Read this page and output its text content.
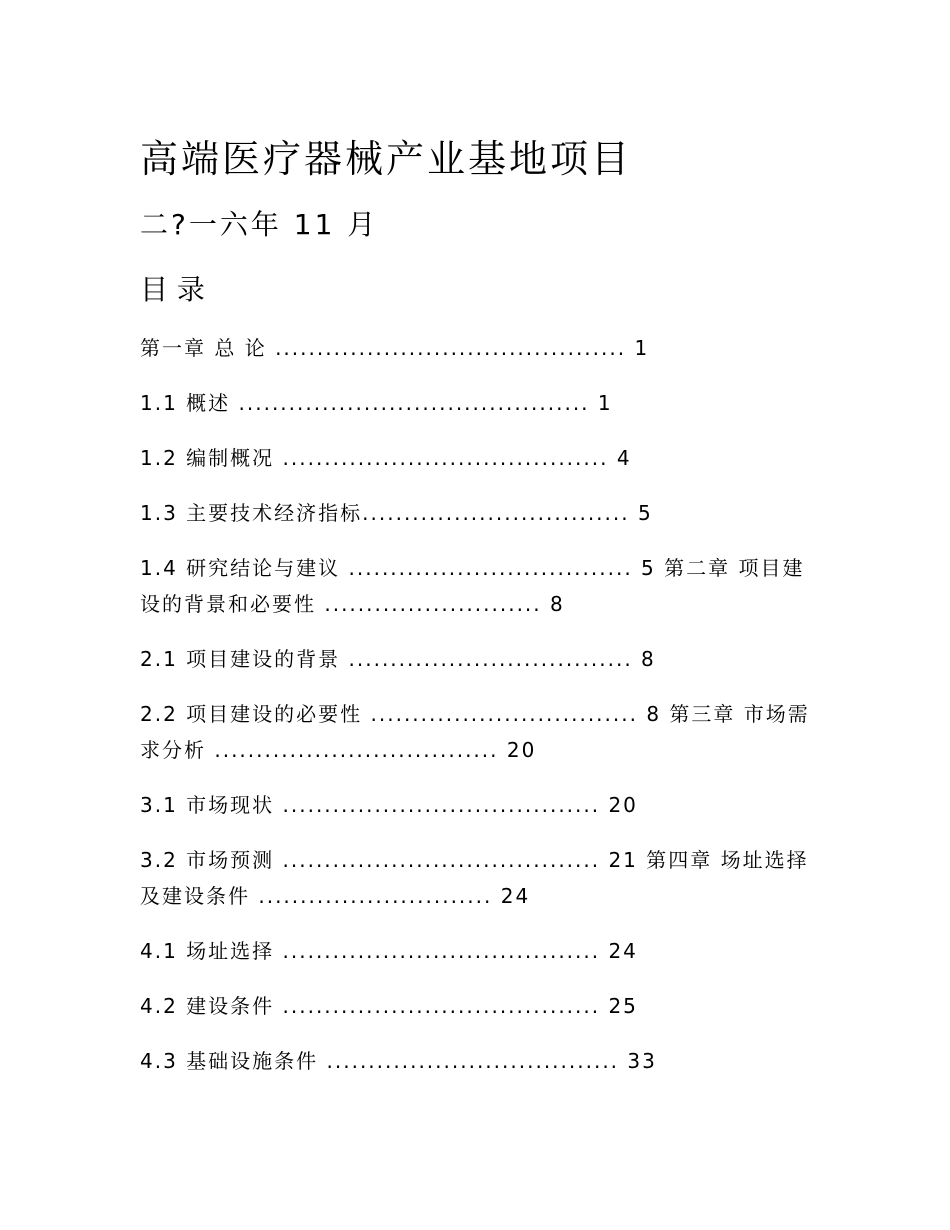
高端医疗器械产业基地项目
二?一六年 11 月
目 录
第一章 总 论 .......................................... 1
1.1 概述 .......................................... 1
1.2 编制概况 ....................................... 4
1.3 主要技术经济指标................................ 5
1.4 研究结论与建议 .................................. 5 第二章 项目建设的背景和必要性 .......................... 8
2.1 项目建设的背景 .................................. 8
2.2 项目建设的必要性 ................................ 8 第三章 市场需求分析 .................................. 20
3.1 市场现状 ...................................... 20
3.2 市场预测 ...................................... 21 第四章 场址选择及建设条件 ............................ 24
4.1 场址选择 ...................................... 24
4.2 建设条件 ...................................... 25
4.3 基础设施条件 ................................... 33
